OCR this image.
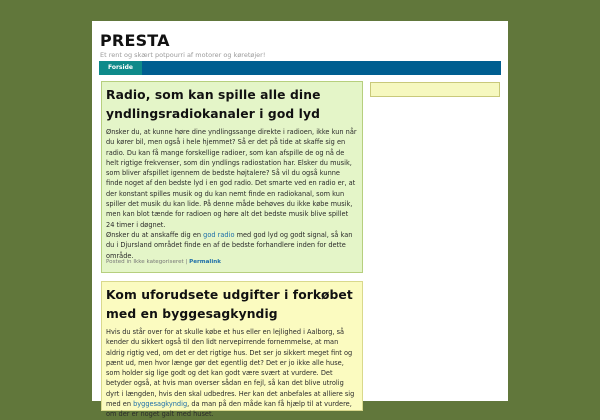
PRESTA
Et rent og skært potpourri af motorer og køretøjer!
Forside
Radio, som kan spille alle dine yndlingsradiokanaler i god lyd
Ønsker du, at kunne høre dine yndlingssange direkte i radioen, ikke kun når du kører bil, men også i hele hjemmet? Så er det på tide at skaffe sig en radio. Du kan få mange forskellige radioer, som kan afspille de og nå de helt rigtige frekvenser, som din yndlings radiostation har. Elsker du musik, som bliver afspillet igennem de bedste højtalere? Så vil du også kunne finde noget af den bedste lyd i en god radio. Det smarte ved en radio er, at der konstant spilles musik og du kan nemt finde en radiokanal, som kun spiller det musik du kan lide. På denne måde behøves du ikke købe musik, men kan blot tænde for radioen og høre alt det bedste musik blive spillet 24 timer i døgnet.
Ønsker du at anskaffe dig en god radio med god lyd og godt signal, så kan du i Djursland området finde en af de bedste forhandlere inden for dette område.
Posted in Ikke kategoriseret | Permalink
Kom uforudsete udgifter i forkøbet med en byggesagkyndig
Hvis du står over for at skulle købe et hus eller en lejlighed i Aalborg, så kender du sikkert også til den lidt nervepirrende fornemmelse, at man aldrig rigtig ved, om det er det rigtige hus. Det ser jo sikkert meget fint og pænt ud, men hvor længe gør det egentlig det? Det er jo ikke alle huse, som holder sig lige godt og det kan godt være svært at vurdere. Det betyder også, at hvis man overser sådan en fejl, så kan det blive utrolig dyrt i længden, hvis den skal udbedres. Her kan det anbefales at alliere sig med en byggesagkyndig, da man på den måde kan få hjælp til at vurdere, om der er noget galt med huset.
